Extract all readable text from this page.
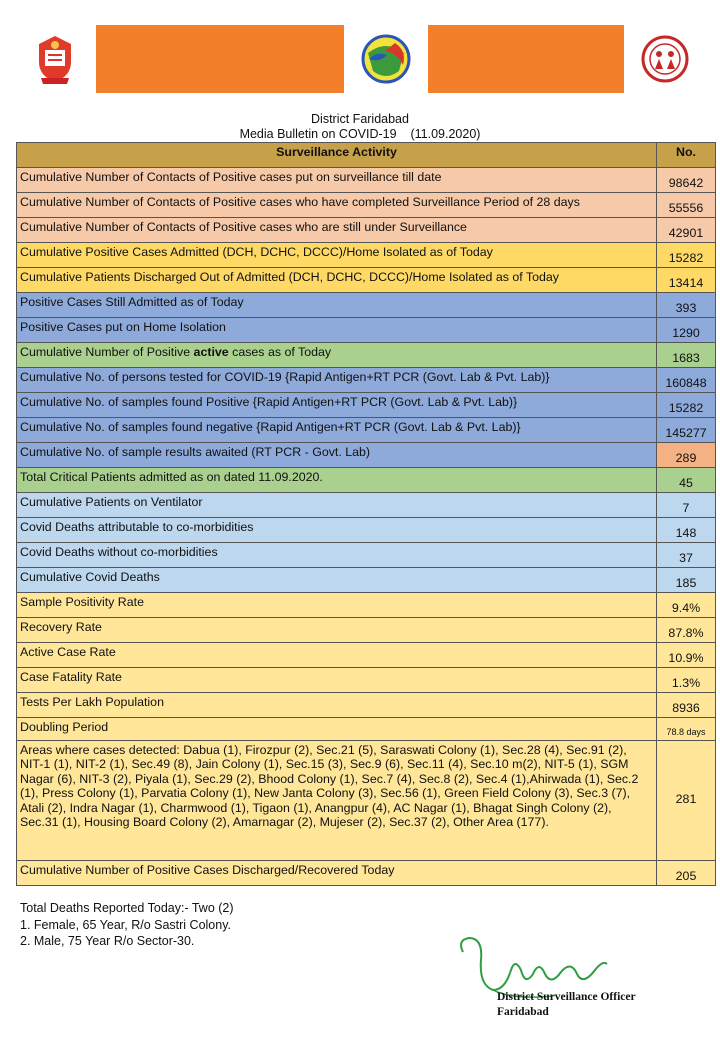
District Faridabad
Media Bulletin on COVID-19    (11.09.2020)
Surveillance Activity	No.
Cumulative Number of Contacts of Positive cases put on surveillance till date	98642
Cumulative Number of Contacts of Positive cases who have completed Surveillance Period of 28 days	55556
Cumulative Number of Contacts of Positive cases who are still under Surveillance	42901
Cumulative Positive Cases Admitted (DCH, DCHC, DCCC)/Home Isolated as of Today	15282
Cumulative Patients Discharged Out of Admitted (DCH, DCHC, DCCC)/Home Isolated as of Today	13414
Positive Cases Still Admitted as of Today	393
Positive Cases put on Home Isolation	1290
Cumulative Number of Positive active cases as of Today	1683
Cumulative No. of persons tested for COVID-19 {Rapid Antigen+RT PCR (Govt. Lab & Pvt. Lab)}	160848
Cumulative No. of samples found Positive {Rapid Antigen+RT PCR (Govt. Lab & Pvt. Lab)}	15282
Cumulative No. of samples found negative {Rapid Antigen+RT PCR (Govt. Lab & Pvt. Lab)}	145277
Cumulative No. of sample results awaited (RT PCR - Govt. Lab)	289
Total Critical Patients admitted as on dated 11.09.2020.	45
Cumulative Patients on Ventilator	7
Covid Deaths attributable to co-morbidities	148
Covid Deaths without co-morbidities	37
Cumulative Covid Deaths	185
Sample Positivity Rate	9.4%
Recovery Rate	87.8%
Active Case Rate	10.9%
Case Fatality Rate	1.3%
Tests Per Lakh Population	8936
Doubling Period	78.8 days
Areas where cases detected: Dabua (1), Firozpur (2), Sec.21 (5), Saraswati Colony (1), Sec.28 (4), Sec.91 (2), NIT-1 (1), NIT-2 (1), Sec.49 (8), Jain Colony (1), Sec.15 (3), Sec.9 (6), Sec.11 (4), Sec.10 m(2), NIT-5 (1), SGM Nagar (6), NIT-3 (2), Piyala (1), Sec.29 (2), Bhood Colony (1), Sec.7 (4), Sec.8 (2), Sec.4 (1),Ahirwada (1), Sec.2 (1), Press Colony (1), Parvatia Colony (1), New Janta Colony (3), Sec.56 (1), Green Field Colony (3), Sec.3 (7), Atali (2), Indra Nagar (1), Charmwood (1), Tigaon (1), Anangpur (4), AC Nagar (1), Bhagat Singh Colony (2), Sec.31 (1), Housing Board Colony (2), Amarnagar (2), Mujeser (2), Sec.37 (2), Other Area (177).	281
Cumulative Number of Positive Cases Discharged/Recovered Today	205
Total Deaths Reported Today:- Two (2)
1. Female, 65 Year, R/o Sastri Colony.
2. Male, 75 Year R/o Sector-30.
District Surveillance Officer
Faridabad
